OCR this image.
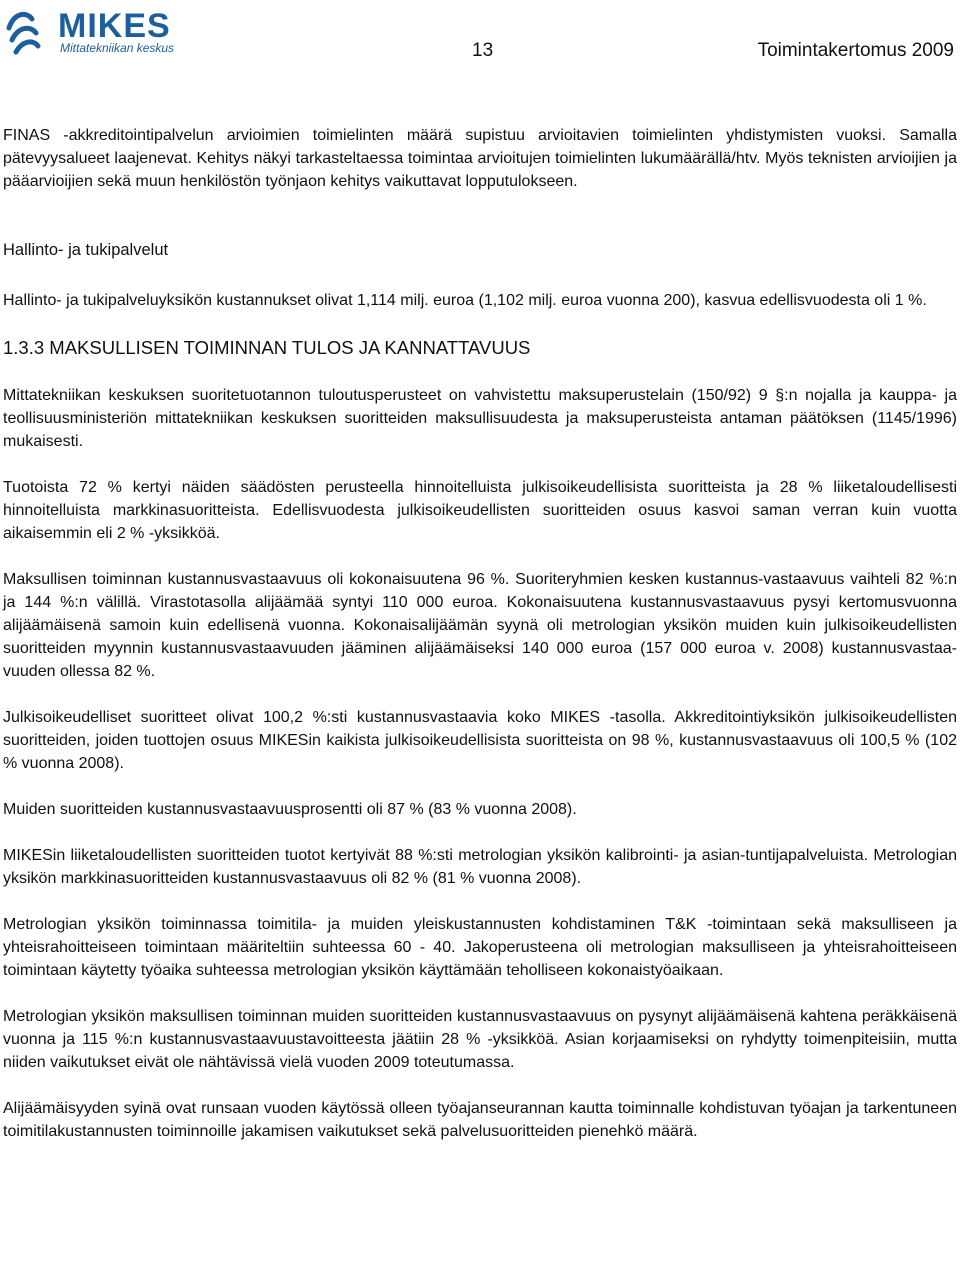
MIKES
Mittatekniikan keskus	13	Toimintakertomus 2009

FINAS -akkreditointipalvelun arvioimien toimielinten määrä supistuu arvioitavien toimielinten yhdistymisten vuoksi. Samalla pätevyysalueet laajenevat. Kehitys näkyi tarkasteltaessa toimintaa arvioitujen toimielinten lukumäärällä/htv. Myös teknisten arvioijien ja pääarvioijien sekä muun henkilöstön työnjaon kehitys vaikuttavat lopputulokseen.

Hallinto- ja tukipalvelut

Hallinto- ja tukipalveluyksikön kustannukset olivat 1,114 milj. euroa (1,102 milj. euroa vuonna 200), kasvua edellisvuodesta oli 1 %.

1.3.3 MAKSULLISEN TOIMINNAN TULOS JA KANNATTAVUUS

Mittatekniikan keskuksen suoritetuotannon tuloutusperusteet on vahvistettu maksuperustelain (150/92) 9 §:n nojalla ja kauppa- ja teollisuusministeriön mittatekniikan keskuksen suoritteiden maksullisuudesta ja maksuperusteista antaman päätöksen (1145/1996) mukaisesti.

Tuotoista 72 % kertyi näiden säädösten perusteella hinnoitelluista julkisoikeudellisista suoritteista ja 28 % liiketaloudellisesti hinnoitelluista markkinasuoritteista. Edellisvuodesta julkisoikeudellisten suoritteiden osuus kasvoi saman verran kuin vuotta aikaisemmin eli 2 % -yksikköä.

Maksullisen toiminnan kustannusvastaavuus oli kokonaisuutena 96 %. Suoriteryhmien kesken kustannus-vastaavuus vaihteli 82 %:n ja 144 %:n välillä. Virastotasolla alijäämää syntyi 110 000 euroa. Kokonaisuutena kustannusvastaavuus pysyi kertomusvuonna alijäämäisenä samoin kuin edellisenä vuonna. Kokonaisalijäämän syynä oli metrologian yksikön muiden kuin julkisoikeudellisten suoritteiden myynnin kustannusvastaavuuden jääminen alijäämäiseksi 140 000 euroa (157 000 euroa v. 2008) kustannusvastaa-vuuden ollessa 82 %.

Julkisoikeudelliset suoritteet olivat 100,2 %:sti kustannusvastaavia koko MIKES -tasolla. Akkreditointiyksikön julkisoikeudellisten suoritteiden, joiden tuottojen osuus MIKESin kaikista julkisoikeudellisista suoritteista on 98 %, kustannusvastaavuus oli 100,5 % (102 % vuonna 2008).

Muiden suoritteiden kustannusvastaavuusprosentti oli 87 % (83 % vuonna 2008).

MIKESin liiketaloudellisten suoritteiden tuotot kertyivät 88 %:sti metrologian yksikön kalibrointi- ja asian-tuntijapalveluista. Metrologian yksikön markkinasuoritteiden kustannusvastaavuus oli 82 % (81 % vuonna 2008).

Metrologian yksikön toiminnassa toimitila- ja muiden yleiskustannusten kohdistaminen T&K -toimintaan sekä maksulliseen ja yhteisrahoitteiseen toimintaan määriteltiin suhteessa 60 - 40. Jakoperusteena oli metrologian maksulliseen ja yhteisrahoitteiseen toimintaan käytetty työaika suhteessa metrologian yksikön käyttämään teholliseen kokonaistyöaikaan.

Metrologian yksikön maksullisen toiminnan muiden suoritteiden kustannusvastaavuus on pysynyt alijäämäisenä kahtena peräkkäisenä vuonna ja 115 %:n kustannusvastaavuustavoitteesta jäätiin 28 % -yksikköä. Asian korjaamiseksi on ryhdytty toimenpiteisiin, mutta niiden vaikutukset eivät ole nähtävissä vielä vuoden 2009 toteutumassa.

Alijäämäisyyden syinä ovat runsaan vuoden käytössä olleen työajanseurannan kautta toiminnalle kohdistuvan työajan ja tarkentuneen toimitilakustannusten toiminnoille jakamisen vaikutukset sekä palvelusuoritteiden pienehkö määrä.
